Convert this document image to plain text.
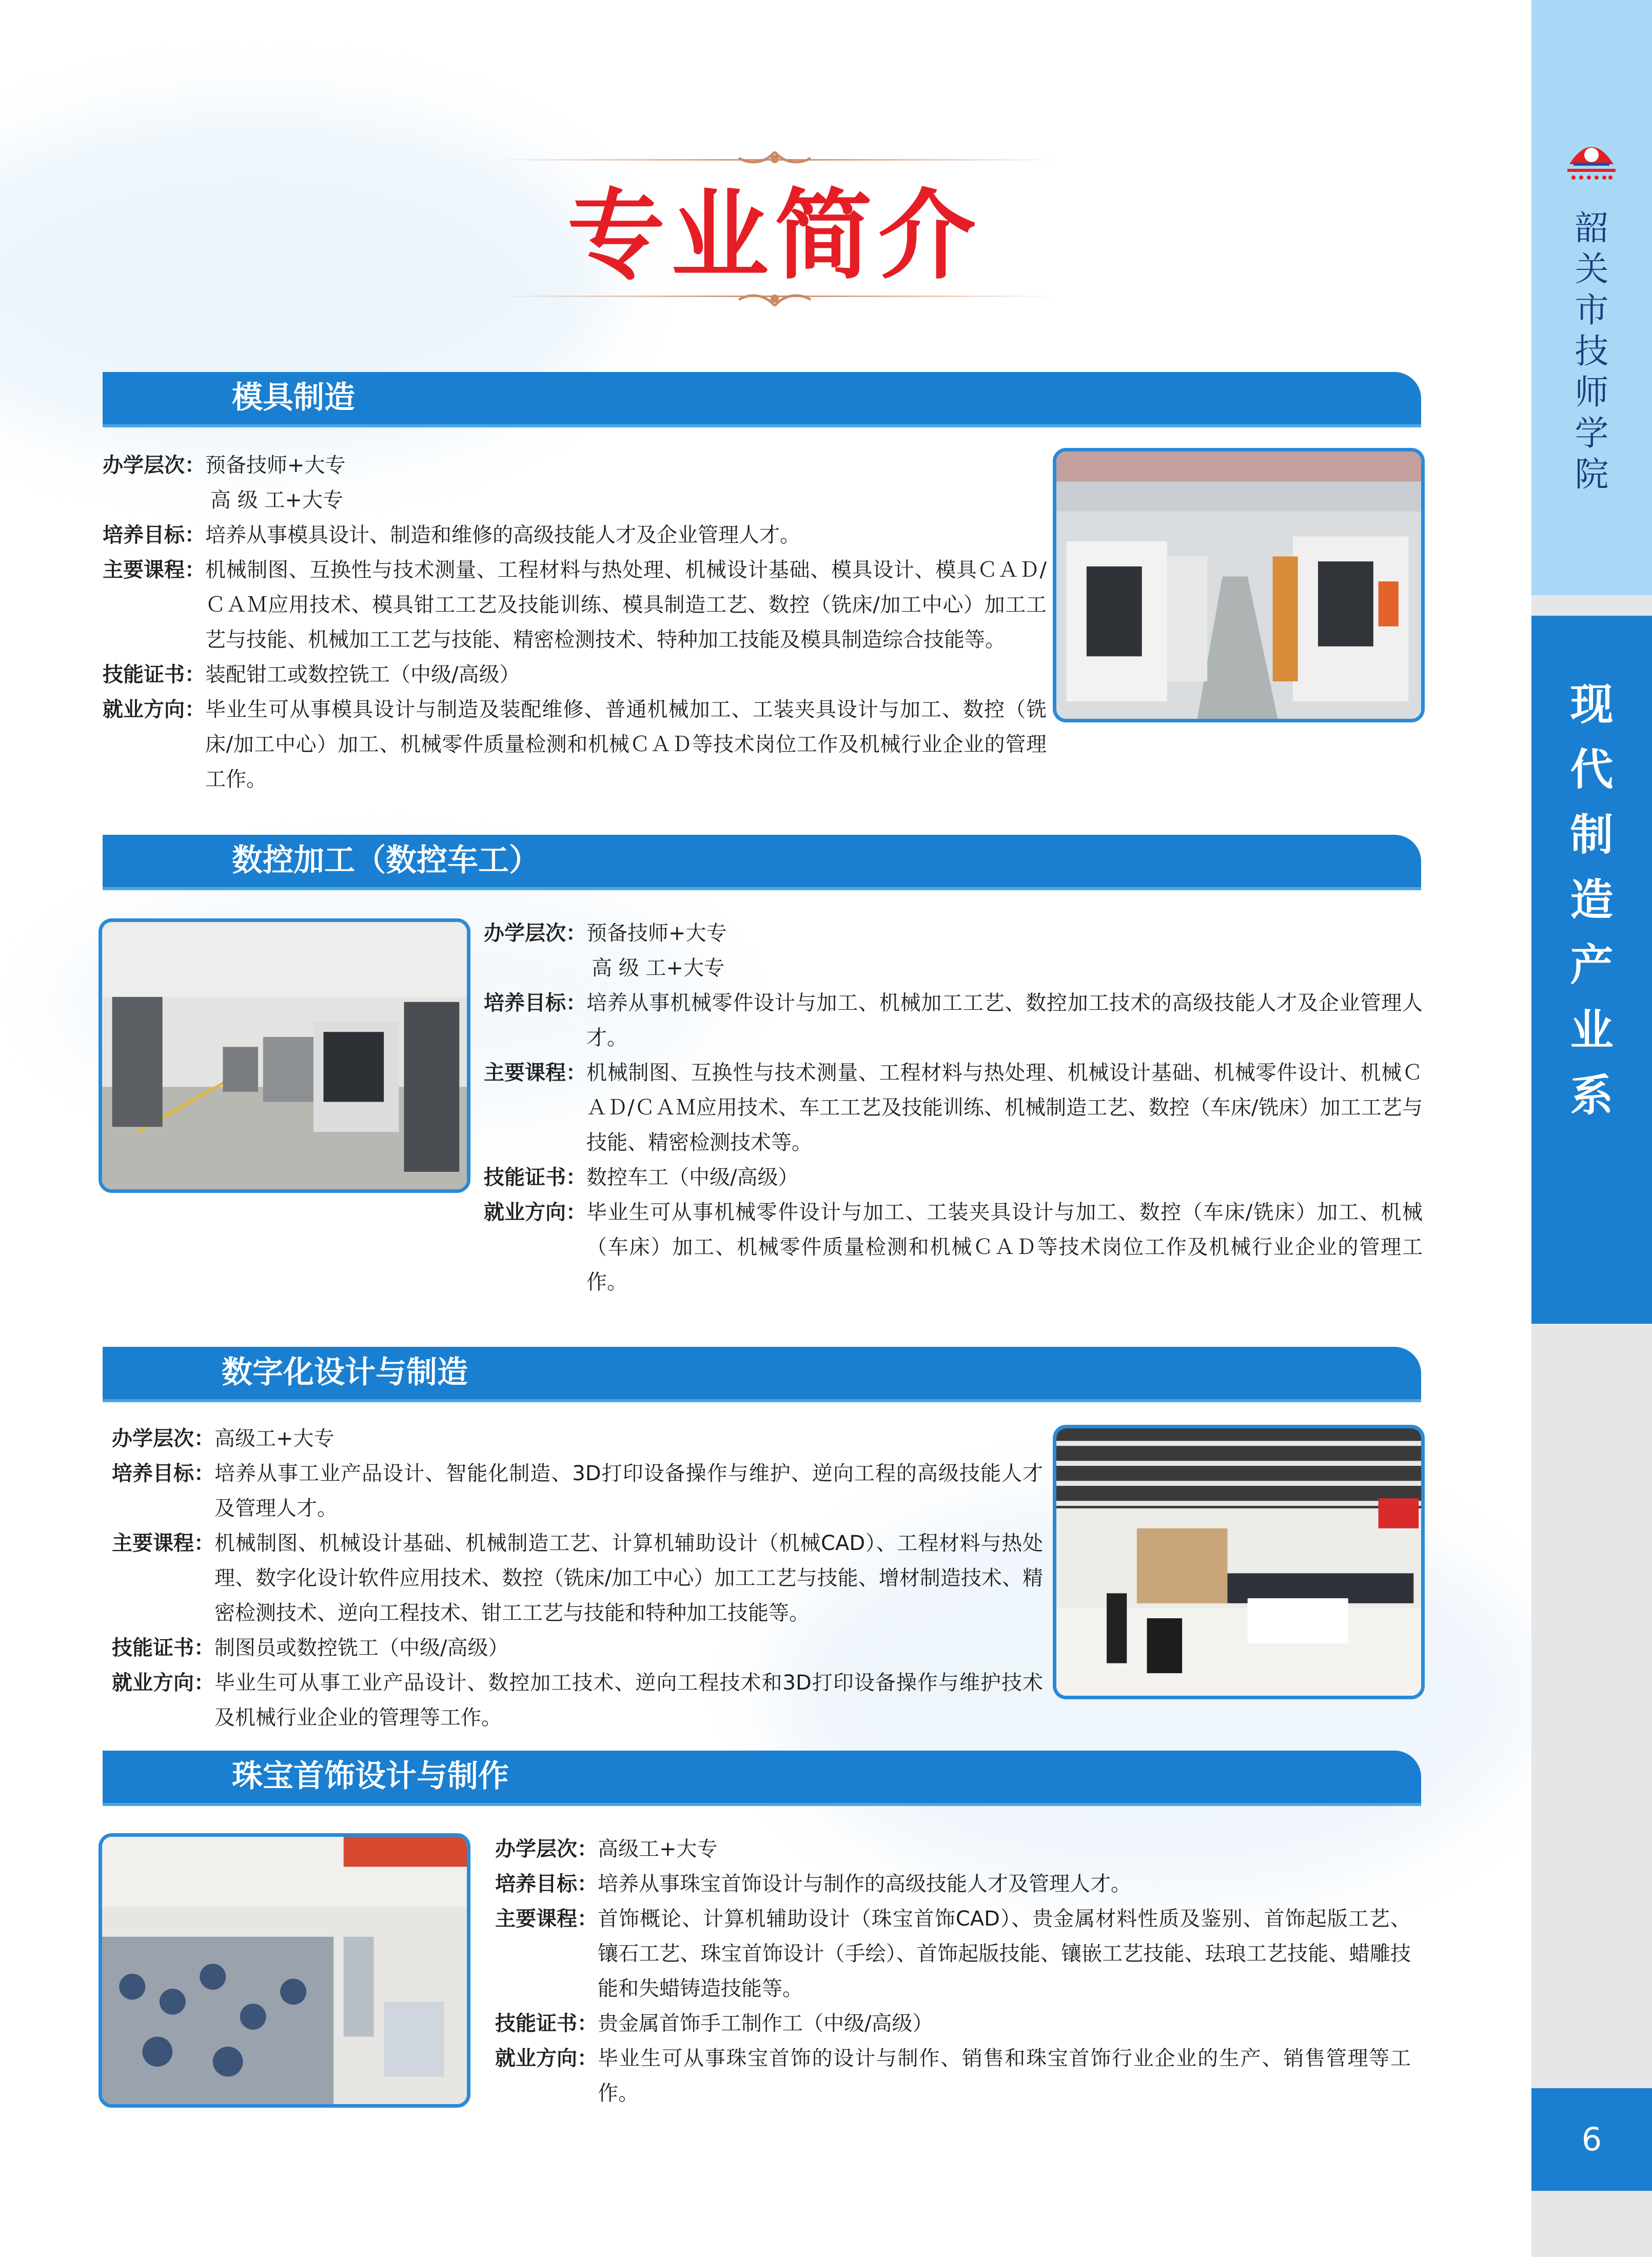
韶
关
市
技
师
学
院
现
代
制
造
产
业
系
6
专业简介
模具制造
办学层次： 预备技师+大专
高 级 工+大专
培养目标： 培养从事模具设计、制造和维修的高级技能人才及企业管理人才。
主要课程： 机械制图、互换性与技术测量、工程材料与热处理、机械设计基础、模具设计、模具ＣＡＤ/ＣＡＭ应用技术、模具钳工工艺及技能训练、模具制造工艺、数控（铣床/加工中心）加工工艺与技能、机械加工工艺与技能、精密检测技术、特种加工技能及模具制造综合技能等。
技能证书： 装配钳工或数控铣工（中级/高级）
就业方向： 毕业生可从事模具设计与制造及装配维修、普通机械加工、工装夹具设计与加工、数控（铣床/加工中心）加工、机械零件质量检测和机械ＣＡＤ等技术岗位工作及机械行业企业的管理工作。
数控加工（数控车工）
办学层次： 预备技师+大专
高 级 工+大专
培养目标： 培养从事机械零件设计与加工、机械加工工艺、数控加工技术的高级技能人才及企业管理人才。
主要课程： 机械制图、互换性与技术测量、工程材料与热处理、机械设计基础、机械零件设计、机械ＣＡＤ/ＣＡＭ应用技术、车工工艺及技能训练、机械制造工艺、数控（车床/铣床）加工工艺与技能、精密检测技术等。
技能证书： 数控车工（中级/高级）
就业方向： 毕业生可从事机械零件设计与加工、工装夹具设计与加工、数控（车床/铣床）加工、机械（车床）加工、机械零件质量检测和机械ＣＡＤ等技术岗位工作及机械行业企业的管理工作。
数字化设计与制造
办学层次： 高级工+大专
培养目标： 培养从事工业产品设计、智能化制造、3D打印设备操作与维护、逆向工程的高级技能人才及管理人才。
主要课程： 机械制图、机械设计基础、机械制造工艺、计算机辅助设计（机械CAD）、工程材料与热处理、数字化设计软件应用技术、数控（铣床/加工中心）加工工艺与技能、增材制造技术、精密检测技术、逆向工程技术、钳工工艺与技能和特种加工技能等。
技能证书： 制图员或数控铣工（中级/高级）
就业方向： 毕业生可从事工业产品设计、数控加工技术、逆向工程技术和3D打印设备操作与维护技术及机械行业企业的管理等工作。
珠宝首饰设计与制作
办学层次： 高级工+大专
培养目标： 培养从事珠宝首饰设计与制作的高级技能人才及管理人才。
主要课程： 首饰概论、计算机辅助设计（珠宝首饰CAD）、贵金属材料性质及鉴别、首饰起版工艺、镶石工艺、珠宝首饰设计（手绘）、首饰起版技能、镶嵌工艺技能、珐琅工艺技能、蜡雕技能和失蜡铸造技能等。
技能证书： 贵金属首饰手工制作工（中级/高级）
就业方向： 毕业生可从事珠宝首饰的设计与制作、销售和珠宝首饰行业企业的生产、销售管理等工作。
